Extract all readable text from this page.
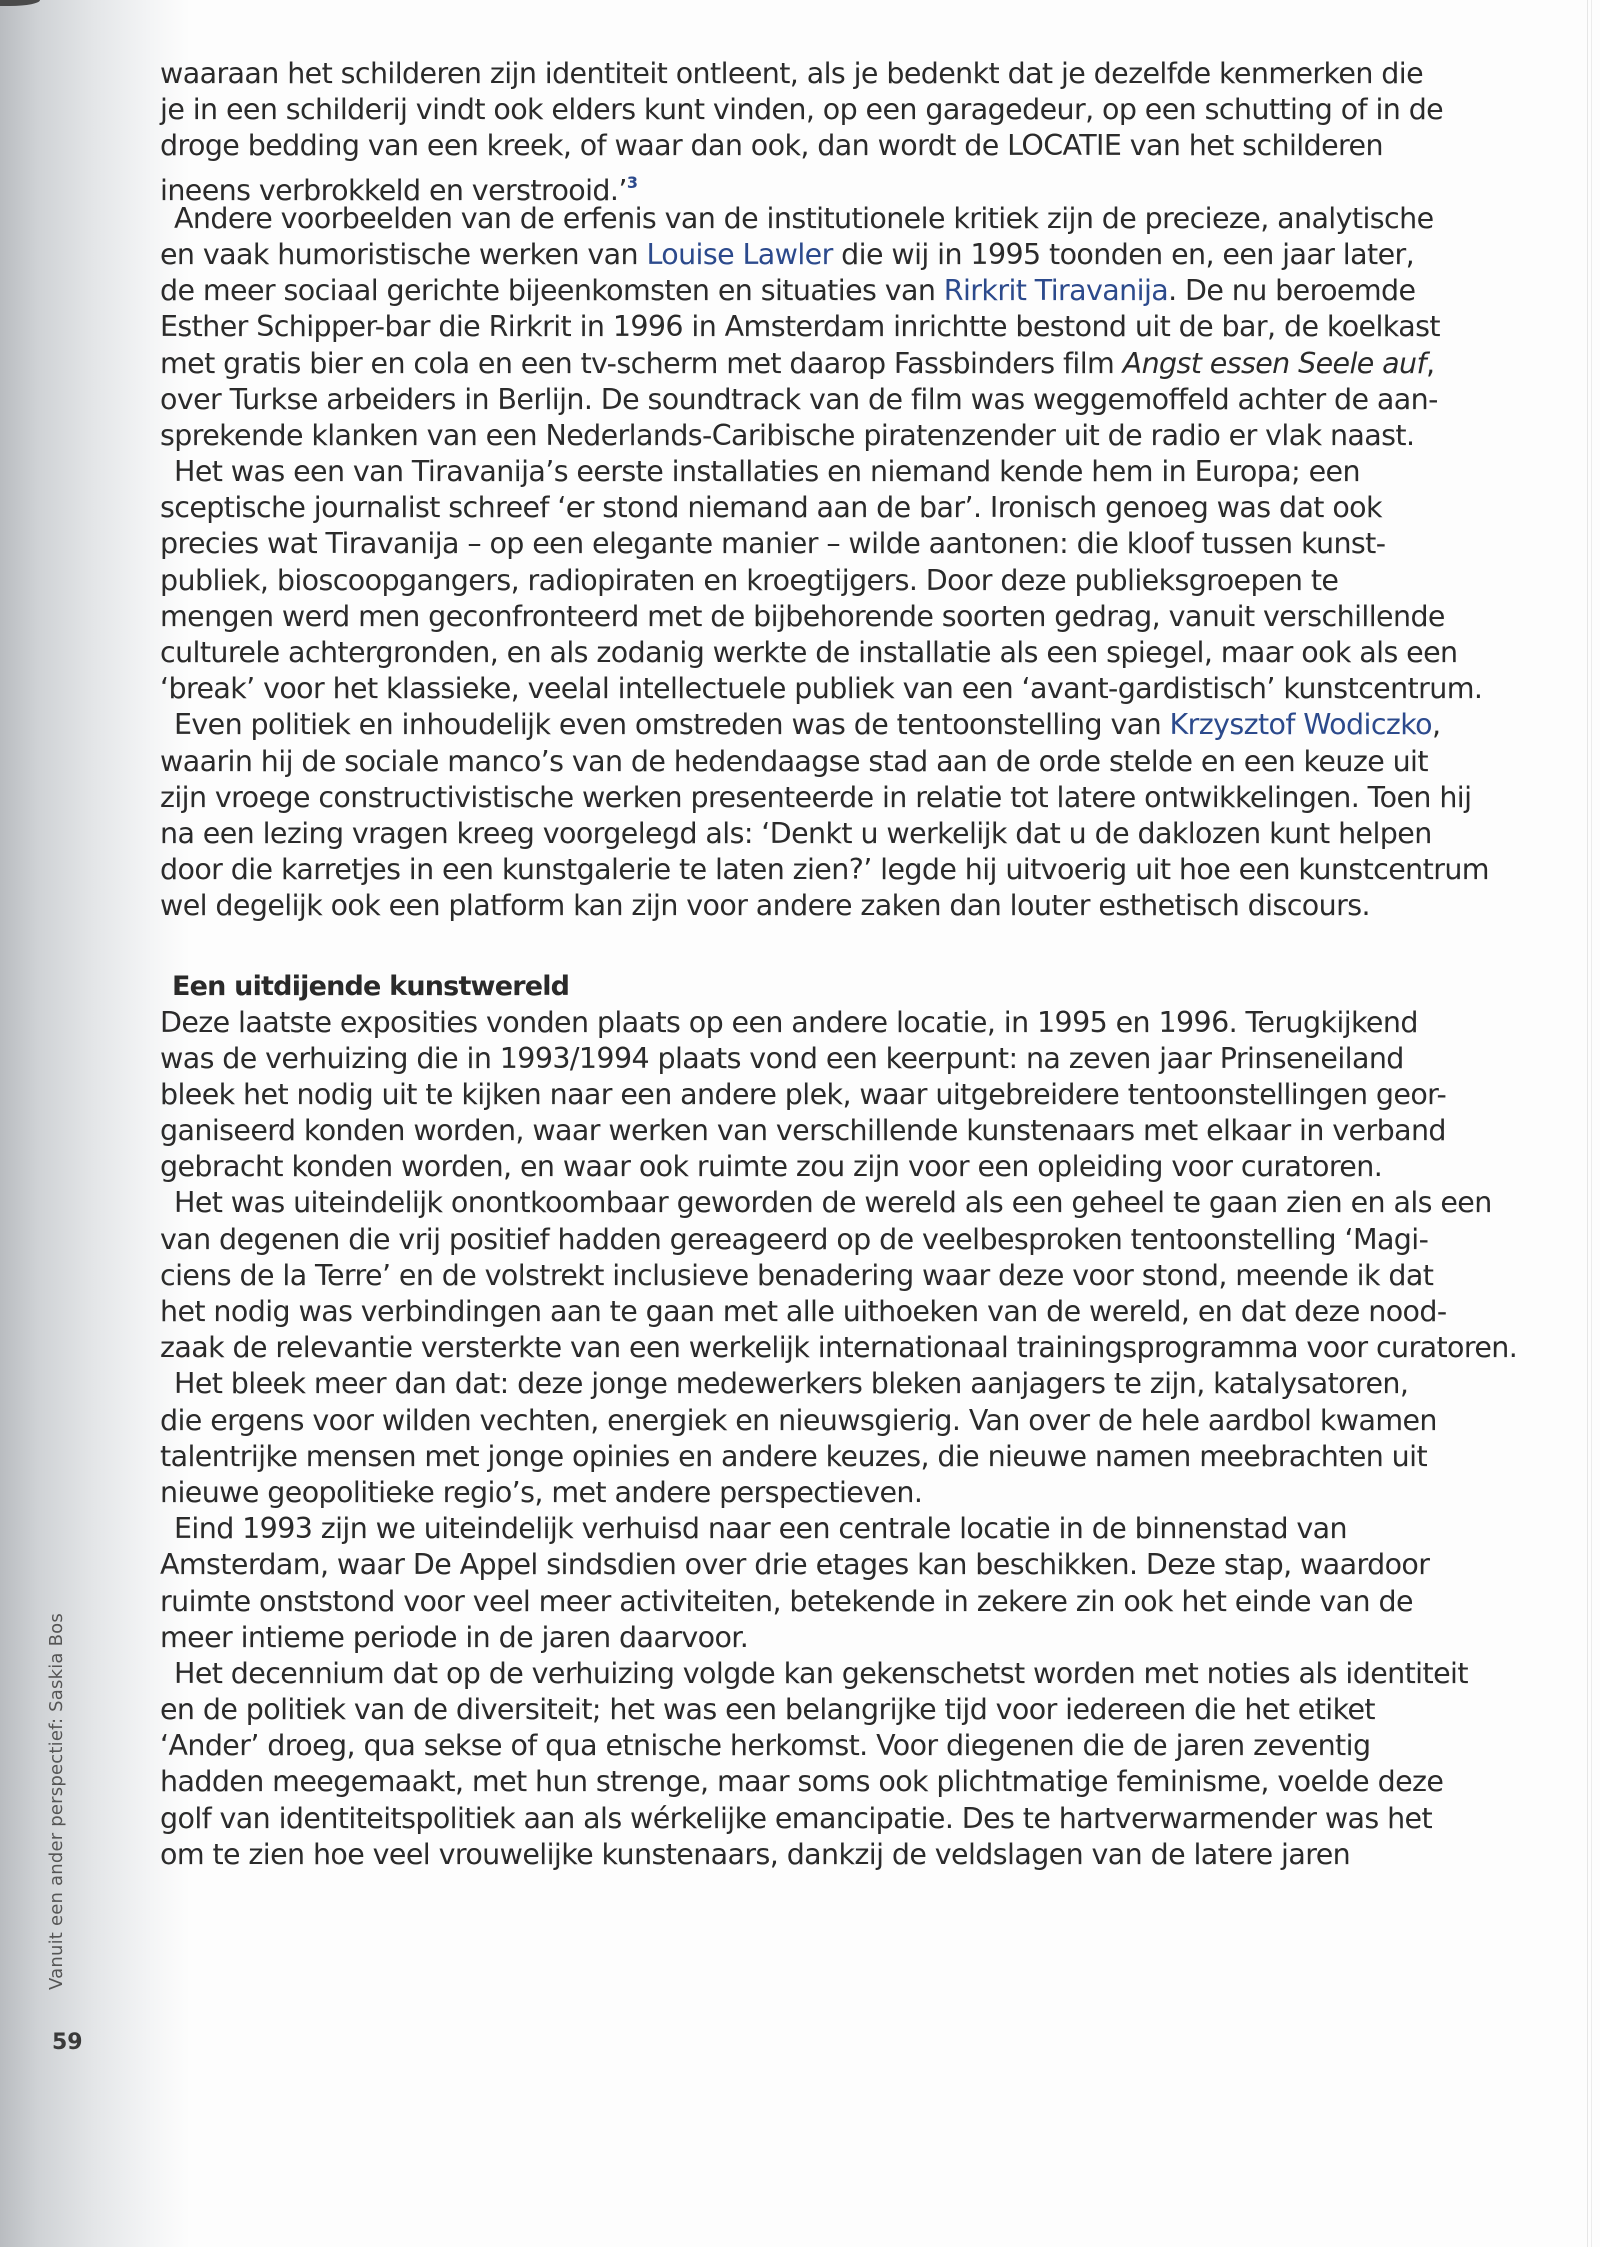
Vanuit een ander perspectief: Saskia Bos
59
waaraan het schilderen zijn identiteit ontleent, als je bedenkt dat je dezelfde kenmerken die
je in een schilderij vindt ook elders kunt vinden, op een garagedeur, op een schutting of in de
droge bedding van een kreek, of waar dan ook, dan wordt de LOCATIE van het schilderen
ineens verbrokkeld en verstrooid.’$^3$
Andere voorbeelden van de erfenis van de institutionele kritiek zijn de precieze, analytische
en vaak humoristische werken van Louise Lawler die wij in 1995 toonden en, een jaar later,
de meer sociaal gerichte bijeenkomsten en situaties van Rirkrit Tiravanija. De nu beroemde
Esther Schipper-bar die Rirkrit in 1996 in Amsterdam inrichtte bestond uit de bar, de koelkast
met gratis bier en cola en een tv-scherm met daarop Fassbinders film Angst essen Seele auf,
over Turkse arbeiders in Berlijn. De soundtrack van de film was weggemoffeld achter de aan-
sprekende klanken van een Nederlands-Caribische piratenzender uit de radio er vlak naast.
Het was een van Tiravanija’s eerste installaties en niemand kende hem in Europa; een
sceptische journalist schreef ‘er stond niemand aan de bar’. Ironisch genoeg was dat ook
precies wat Tiravanija – op een elegante manier – wilde aantonen: die kloof tussen kunst-
publiek, bioscoopgangers, radiopiraten en kroegtijgers. Door deze publieksgroepen te
mengen werd men geconfronteerd met de bijbehorende soorten gedrag, vanuit verschillende
culturele achtergronden, en als zodanig werkte de installatie als een spiegel, maar ook als een
‘break’ voor het klassieke, veelal intellectuele publiek van een ‘avant-gardistisch’ kunstcentrum.
Even politiek en inhoudelijk even omstreden was de tentoonstelling van Krzysztof Wodiczko,
waarin hij de sociale manco’s van de hedendaagse stad aan de orde stelde en een keuze uit
zijn vroege constructivistische werken presenteerde in relatie tot latere ontwikkelingen. Toen hij
na een lezing vragen kreeg voorgelegd als: ‘Denkt u werkelijk dat u de daklozen kunt helpen
door die karretjes in een kunstgalerie te laten zien?’ legde hij uitvoerig uit hoe een kunstcentrum
wel degelijk ook een platform kan zijn voor andere zaken dan louter esthetisch discours.
Een uitdijende kunstwereld
Deze laatste exposities vonden plaats op een andere locatie, in 1995 en 1996. Terugkijkend
was de verhuizing die in 1993/1994 plaats vond een keerpunt: na zeven jaar Prinseneiland
bleek het nodig uit te kijken naar een andere plek, waar uitgebreidere tentoonstellingen geor-
ganiseerd konden worden, waar werken van verschillende kunstenaars met elkaar in verband
gebracht konden worden, en waar ook ruimte zou zijn voor een opleiding voor curatoren.
Het was uiteindelijk onontkoombaar geworden de wereld als een geheel te gaan zien en als een
van degenen die vrij positief hadden gereageerd op de veelbesproken tentoonstelling ‘Magi-
ciens de la Terre’ en de volstrekt inclusieve benadering waar deze voor stond, meende ik dat
het nodig was verbindingen aan te gaan met alle uithoeken van de wereld, en dat deze nood-
zaak de relevantie versterkte van een werkelijk internationaal trainingsprogramma voor curatoren.
Het bleek meer dan dat: deze jonge medewerkers bleken aanjagers te zijn, katalysatoren,
die ergens voor wilden vechten, energiek en nieuwsgierig. Van over de hele aardbol kwamen
talentrijke mensen met jonge opinies en andere keuzes, die nieuwe namen meebrachten uit
nieuwe geopolitieke regio’s, met andere perspectieven.
Eind 1993 zijn we uiteindelijk verhuisd naar een centrale locatie in de binnenstad van
Amsterdam, waar De Appel sindsdien over drie etages kan beschikken. Deze stap, waardoor
ruimte onststond voor veel meer activiteiten, betekende in zekere zin ook het einde van de
meer intieme periode in de jaren daarvoor.
Het decennium dat op de verhuizing volgde kan gekenschetst worden met noties als identiteit
en de politiek van de diversiteit; het was een belangrijke tijd voor iedereen die het etiket
‘Ander’ droeg, qua sekse of qua etnische herkomst. Voor diegenen die de jaren zeventig
hadden meegemaakt, met hun strenge, maar soms ook plichtmatige feminisme, voelde deze
golf van identiteitspolitiek aan als wérkelijke emancipatie. Des te hartverwarmender was het
om te zien hoe veel vrouwelijke kunstenaars, dankzij de veldslagen van de latere jaren
